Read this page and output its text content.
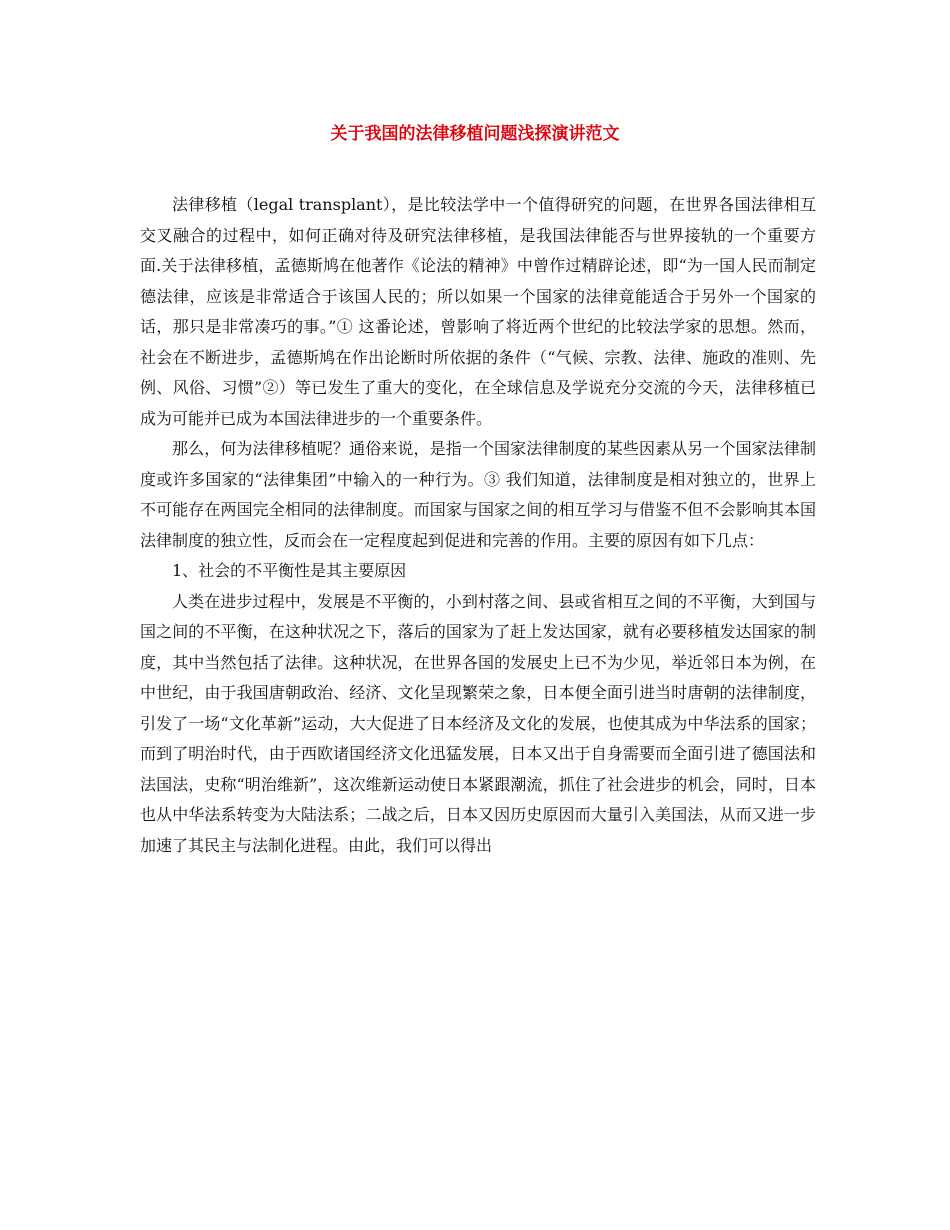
关于我国的法律移植问题浅探演讲范文

法律移植（legal transplant），是比较法学中一个值得研究的问题，在世界各国法律相互交叉融合的过程中，如何正确对待及研究法律移植，是我国法律能否与世界接轨的一个重要方面.关于法律移植，孟德斯鸠在他著作《论法的精神》中曾作过精辟论述，即“为一国人民而制定德法律，应该是非常适合于该国人民的；所以如果一个国家的法律竟能适合于另外一个国家的话，那只是非常凑巧的事。”① 这番论述，曾影响了将近两个世纪的比较法学家的思想。然而，社会在不断进步，孟德斯鸠在作出论断时所依据的条件（“气候、宗教、法律、施政的准则、先例、风俗、习惯”②）等已发生了重大的变化，在全球信息及学说充分交流的今天，法律移植已成为可能并已成为本国法律进步的一个重要条件。

那么，何为法律移植呢？通俗来说，是指一个国家法律制度的某些因素从另一个国家法律制度或许多国家的“法律集团”中输入的一种行为。③ 我们知道，法律制度是相对独立的，世界上不可能存在两国完全相同的法律制度。而国家与国家之间的相互学习与借鉴不但不会影响其本国法律制度的独立性，反而会在一定程度起到促进和完善的作用。主要的原因有如下几点：

1、社会的不平衡性是其主要原因

人类在进步过程中，发展是不平衡的，小到村落之间、县或省相互之间的不平衡，大到国与国之间的不平衡，在这种状况之下，落后的国家为了赶上发达国家，就有必要移植发达国家的制度，其中当然包括了法律。这种状况，在世界各国的发展史上已不为少见，举近邻日本为例，在中世纪，由于我国唐朝政治、经济、文化呈现繁荣之象，日本便全面引进当时唐朝的法律制度，引发了一场“文化革新”运动，大大促进了日本经济及文化的发展，也使其成为中华法系的国家；而到了明治时代，由于西欧诸国经济文化迅猛发展，日本又出于自身需要而全面引进了德国法和法国法，史称“明治维新”，这次维新运动使日本紧跟潮流，抓住了社会进步的机会，同时，日本也从中华法系转变为大陆法系；二战之后，日本又因历史原因而大量引入美国法，从而又进一步加速了其民主与法制化进程。由此，我们可以得出
